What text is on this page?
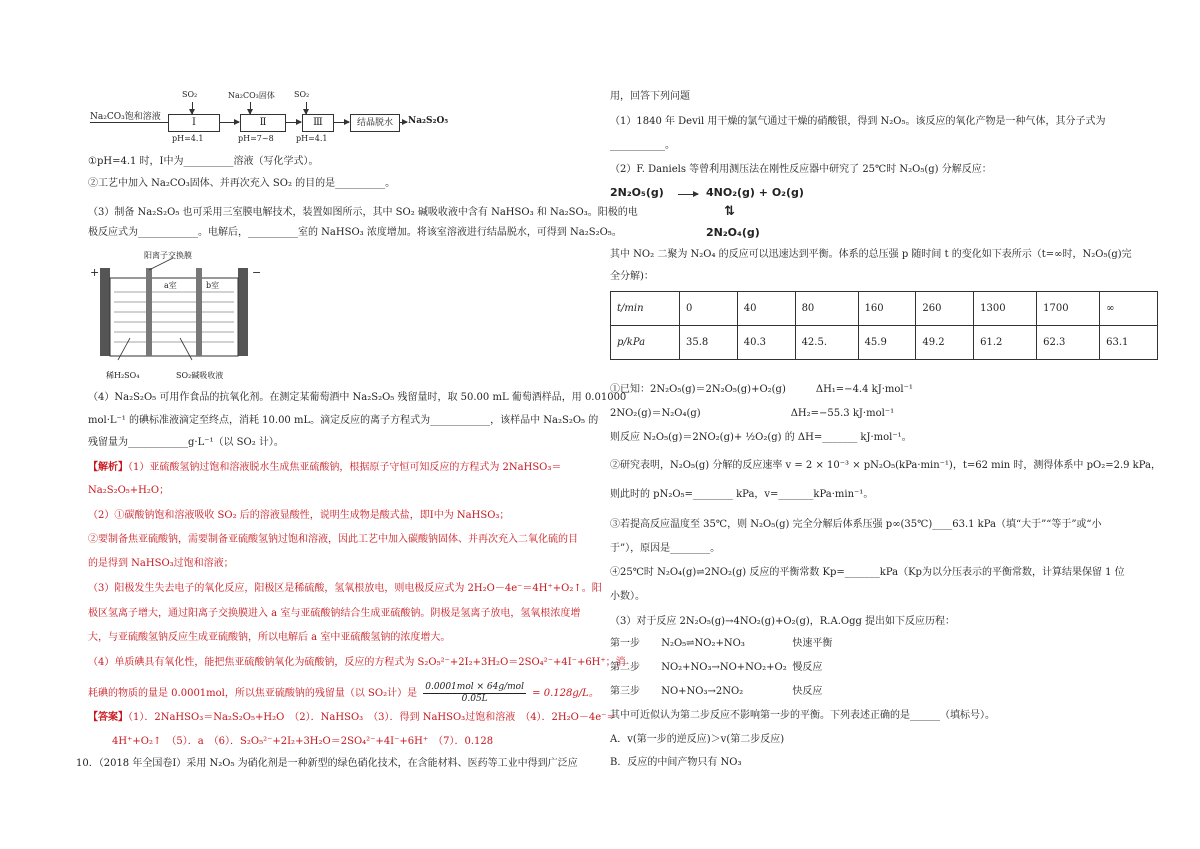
Na₂CO₃饱和溶液
SO₂
Ⅰ
pH=4.1
Na₂CO₃固体
Ⅱ
pH=7~8
SO₂
Ⅲ
pH=4.1
结晶脱水	Na₂S₂O₅
①pH=4.1 时，Ⅰ中为__________溶液（写化学式）。
②工艺中加入 Na₂CO₃固体、并再次充入 SO₂ 的目的是__________。
（3）制备 Na₂S₂O₅ 也可采用三室膜电解技术，装置如图所示，其中 SO₂ 碱吸收液中含有 NaHSO₃ 和 Na₂SO₃。阳极的电
极反应式为____________。电解后，__________室的 NaHSO₃ 浓度增加。将该室溶液进行结晶脱水，可得到 Na₂S₂O₅。
阳离子交换膜
+	−
a室	b室
稀H₂SO₄	SO₂碱吸收液
（4）Na₂S₂O₅ 可用作食品的抗氧化剂。在测定某葡萄酒中 Na₂S₂O₅ 残留量时，取 50.00 mL 葡萄酒样品，用 0.01000
mol·L⁻¹ 的碘标准液滴定至终点，消耗 10.00 mL。滴定反应的离子方程式为____________，该样品中 Na₂S₂O₅ 的
残留量为____________g·L⁻¹（以 SO₂ 计）。
【解析】（1）亚硫酸氢钠过饱和溶液脱水生成焦亚硫酸钠，根据原子守恒可知反应的方程式为 2NaHSO₃＝
Na₂S₂O₅+H₂O；
（2）①碳酸钠饱和溶液吸收 SO₂ 后的溶液显酸性，说明生成物是酸式盐，即Ⅰ中为 NaHSO₃；
②要制备焦亚硫酸钠，需要制备亚硫酸氢钠过饱和溶液，因此工艺中加入碳酸钠固体、并再次充入二氧化硫的目
的是得到 NaHSO₃过饱和溶液；
（3）阳极发生失去电子的氧化反应，阳极区是稀硫酸，氢氧根放电，则电极反应式为 2H₂O－4e⁻＝4H⁺+O₂↑。阳
极区氢离子增大，通过阳离子交换膜进入 a 室与亚硫酸钠结合生成亚硫酸钠。阴极是氢离子放电，氢氧根浓度增
大，与亚硫酸氢钠反应生成亚硫酸钠，所以电解后 a 室中亚硫酸氢钠的浓度增大。
（4）单质碘具有氧化性，能把焦亚硫酸钠氧化为硫酸钠，反应的方程式为 S₂O₅²⁻+2I₂+3H₂O＝2SO₄²⁻+4I⁻+6H⁺；消
耗碘的物质的量是 0.0001mol，所以焦亚硫酸钠的残留量（以 SO₂计）是
0.0001mol × 64g/mol
0.05L	= 0.128g/L。
【答案】（1）．2NaHSO₃＝Na₂S₂O₅+H₂O　（2）．NaHSO₃　（3）．得到 NaHSO₃过饱和溶液　（4）．2H₂O－4e⁻＝
4H⁺+O₂↑　（5）．a　（6）．S₂O₅²⁻+2I₂+3H₂O＝2SO₄²⁻+4I⁻+6H⁺　（7）．0.128
10．（2018 年全国卷Ⅰ）采用 N₂O₅ 为硝化剂是一种新型的绿色硝化技术，在含能材料、医药等工业中得到广泛应
用，回答下列问题
（1）1840 年 Devil 用干燥的氯气通过干燥的硝酸银，得到 N₂O₅。该反应的氧化产物是一种气体，其分子式为
___________。
（2）F. Daniels 等曾利用测压法在刚性反应器中研究了 25℃时 N₂O₅(g) 分解反应：
2N₂O₅(g) → 4NO₂(g) + O₂(g)
⇅
2N₂O₄(g)
其中 NO₂ 二聚为 N₂O₄ 的反应可以迅速达到平衡。体系的总压强 p 随时间 t 的变化如下表所示（t=∞时，N₂O₅(g)完
全分解)：
t/min	0	40	80	160	260	1300	1700	∞
p/kPa	35.8	40.3	42.5.	45.9	49.2	61.2	62.3	63.1
①已知：2N₂O₅(g)＝2N₂O₅(g)+O₂(g)　　　ΔH₁=−4.4 kJ·mol⁻¹
2NO₂(g)＝N₂O₄(g)　　　　　　　　　ΔH₂=−55.3 kJ·mol⁻¹
则反应 N₂O₅(g)＝2NO₂(g)+ ½O₂(g) 的 ΔH=_______ kJ·mol⁻¹。
②研究表明，N₂O₅(g) 分解的反应速率 v = 2 × 10⁻³ × pN₂O₅(kPa·min⁻¹)，t=62 min 时，测得体系中 pO₂=2.9 kPa，
则此时的 pN₂O₅=________ kPa，v=_______kPa·min⁻¹。
③若提高反应温度至 35℃，则 N₂O₅(g) 完全分解后体系压强 p∞(35℃)____63.1 kPa（填“大于”“等于”或“小
于”），原因是________。
④25℃时 N₂O₄(g)⇌2NO₂(g) 反应的平衡常数 Kp=_______kPa（Kp为以分压表示的平衡常数，计算结果保留 1 位
小数）。
（3）对于反应 2N₂O₅(g)→4NO₂(g)+O₂(g)，R.A.Ogg 提出如下反应历程：
第一步 N₂O₅⇌NO₂+NO₃	快速平衡
第二步 NO₂+NO₃→NO+NO₂+O₂ 慢反应
第三步 NO+NO₃→2NO₂	快反应
其中可近似认为第二步反应不影响第一步的平衡。下列表述正确的是______（填标号）。
A．v(第一步的逆反应)＞v(第二步反应)
B．反应的中间产物只有 NO₃
